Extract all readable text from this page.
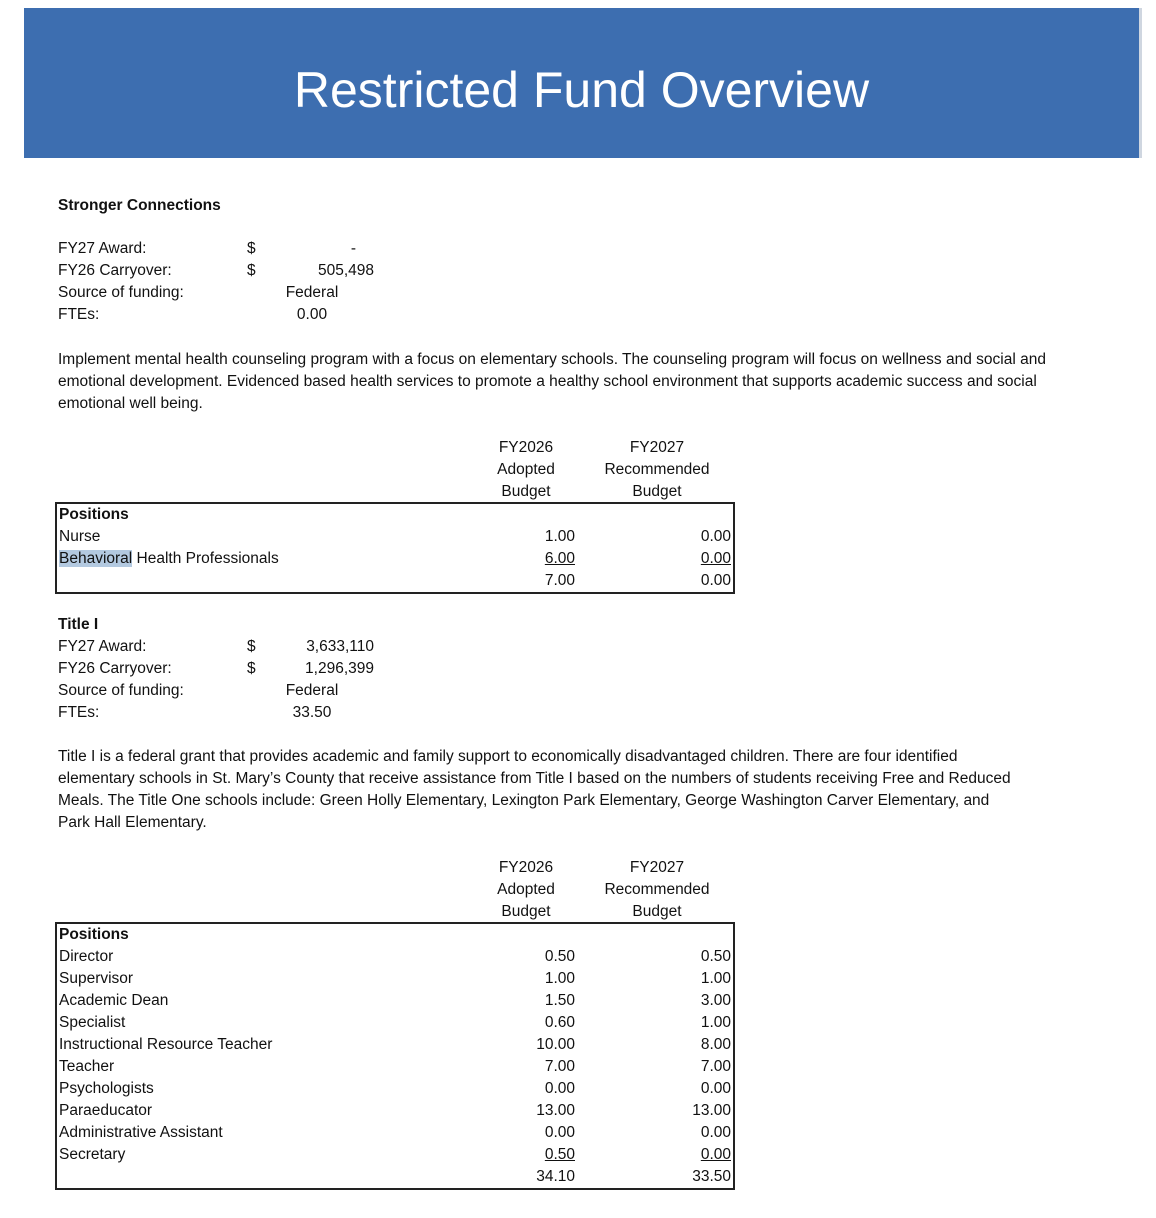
Restricted Fund Overview
Stronger Connections
FY27 Award:	$	-
FY26 Carryover:	$	505,498
Source of funding:	Federal
FTEs:	0.00
Implement mental health counseling program with a focus on elementary schools. The counseling program will focus on wellness and social and emotional development. Evidenced based health services to promote a healthy school environment that supports academic success and social emotional well being.
FY2026
Adopted
Budget
FY2027
Recommended
Budget
Positions
Nurse	1.00	0.00
Behavioral Health Professionals	6.00	0.00
7.00	0.00
Title I
FY27 Award:	$	3,633,110
FY26 Carryover:	$	1,296,399
Source of funding:	Federal
FTEs:	33.50
Title I is a federal grant that provides academic and family support to economically disadvantaged children. There are four identified elementary schools in St. Mary’s County that receive assistance from Title I based on the numbers of students receiving Free and Reduced Meals. The Title One schools include: Green Holly Elementary, Lexington Park Elementary, George Washington Carver Elementary, and Park Hall Elementary.
FY2026
Adopted
Budget
FY2027
Recommended
Budget
Positions
Director	0.50	0.50
Supervisor	1.00	1.00
Academic Dean	1.50	3.00
Specialist	0.60	1.00
Instructional Resource Teacher	10.00	8.00
Teacher	7.00	7.00
Psychologists	0.00	0.00
Paraeducator	13.00	13.00
Administrative Assistant	0.00	0.00
Secretary	0.50	0.00
34.10	33.50
